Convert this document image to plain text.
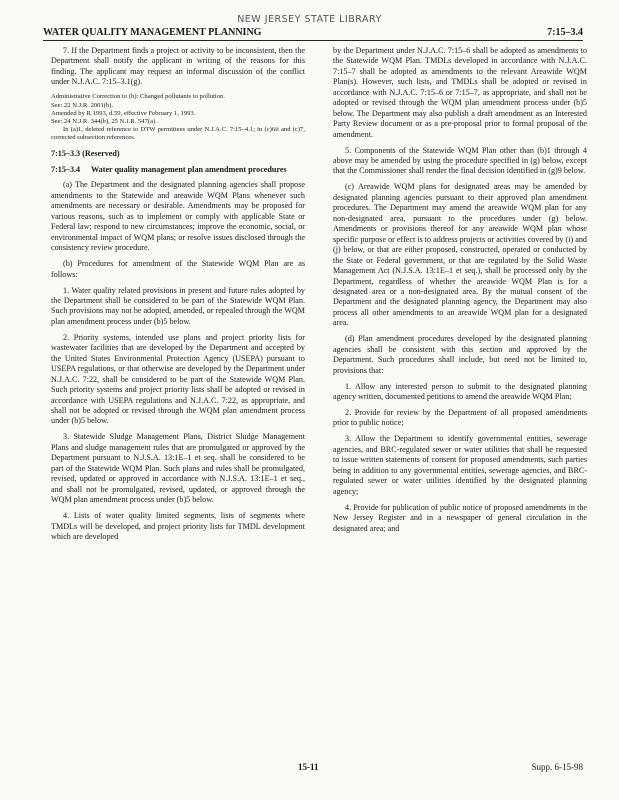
NEW JERSEY STATE LIBRARY
WATER QUALITY MANAGEMENT PLANNING	7:15–3.4

7. If the Department finds a project or activity to be inconsistent, then the Department shall notify the applicant in writing of the reasons for this finding. The applicant may request an informal discussion of the conflict under N.J.A.C. 7:15–3.1(g).

Administrative Correction to (b): Changed pollutants to pollution.

See: 22 N.J.R. 2001(b).

Amended by R.1993, d.59, effective February 1, 1993.

See: 24 N.J.R. 344(b), 25 N.J.R. 547(a).

In (a)1, deleted reference to DTW permittees under N.J.A.C. 7:15–4.1; in (c)6ii and (c)7, corrected subsection references.

7:15–3.3 (Reserved)

7:15–3.4	Water quality management plan amendment procedures

(a) The Department and the designated planning agencies shall propose amendments to the Statewide and areawide WQM Plans whenever such amendments are necessary or desirable. Amendments may be proposed for various reasons, such as to implement or comply with applicable State or Federal law; respond to new circumstances; improve the economic, social, or environmental impact of WQM plans; or resolve issues disclosed through the consistency review procedure.

(b) Procedures for amendment of the Statewide WQM Plan are as follows:

1. Water quality related provisions in present and future rules adopted by the Department shall be considered to be part of the Statewide WQM Plan. Such provisions may not be adopted, amended, or repealed through the WQM plan amendment process under (b)5 below.

2. Priority systems, intended use plans and project priority lists for wastewater facilities that are developed by the Department and accepted by the United States Environmental Protection Agency (USEPA) pursuant to USEPA regulations, or that otherwise are developed by the Department under N.J.A.C. 7:22, shall be considered to be part of the Statewide WQM Plan. Such priority systems and project priority lists shall be adopted or revised in accordance with USEPA regulations and N.J.A.C. 7:22, as appropriate, and shall not be adopted or revised through the WQM plan amendment process under (b)5 below.

3. Statewide Sludge Management Plans, District Sludge Management Plans and sludge management rules that are promulgated or approved by the Department pursuant to N.J.S.A. 13:1E–1 et seq. shall be considered to be part of the Statewide WQM Plan. Such plans and rules shall be promulgated, revised, updated or approved in accordance with N.J.S.A. 13:1E–1 et seq., and shall not be promulgated, revised, updated, or approved through the WQM plan amendment process under (b)5 below.

4. Lists of water quality limited segments, lists of segments where TMDLs will be developed, and project priority lists for TMDL development which are developed

by the Department under N.J.A.C. 7:15–6 shall be adopted as amendments to the Statewide WQM Plan. TMDLs developed in accordance with N.J.A.C. 7:15–7 shall be adopted as amendments to the relevant Areawide WQM Plan(s). However, such lists, and TMDLs shall be adopted or revised in accordance with N.J.A.C. 7:15–6 or 7:15–7, as appropriate, and shall not be adopted or revised through the WQM plan amendment process under (b)5 below. The Department may also publish a draft amendment as an Interested Party Review document or as a pre-proposal prior to formal proposal of the amendment.

5. Components of the Statewide WQM Plan other than (b)1 through 4 above may be amended by using the procedure specified in (g) below, except that the Commissioner shall render the final decision identified in (g)9 below.

(c) Areawide WQM plans for designated areas may be amended by designated planning agencies pursuant to their approved plan amendment procedures. The Department may amend the areawide WQM plan for any non-designated area, pursuant to the procedures under (g) below. Amendments or provisions thereof for any areawide WQM plan whose specific purpose or effect is to address projects or activities covered by (i) and (j) below, or that are either proposed, constructed, operated or conducted by the State or Federal government, or that are regulated by the Solid Waste Management Act (N.J.S.A. 13:1E–1 et seq.), shall be processed only by the Department, regardless of whether the areawide WQM Plan is for a designated area or a non-designated area. By the mutual consent of the Department and the designated planning agency, the Department may also process all other amendments to an areawide WQM plan for a designated area.

(d) Plan amendment procedures developed by the designated planning agencies shall be consistent with this section and approved by the Department. Such procedures shall include, but need not be limited to, provisions that:

1. Allow any interested person to submit to the designated planning agency written, documented petitions to amend the areawide WQM Plan;

2. Provide for review by the Department of all proposed amendments prior to public notice;

3. Allow the Department to identify governmental entities, sewerage agencies, and BRC-regulated sewer or water utilities that shall be requested to issue written statements of consent for proposed amendments, such parties being in addition to any governmental entities, sewerage agencies, and BRC-regulated sewer or water utilities identified by the designated planning agency;

4. Provide for publication of public notice of proposed amendments in the New Jersey Register and in a newspaper of general circulation in the designated area; and

15-11	Supp. 6-15-98
